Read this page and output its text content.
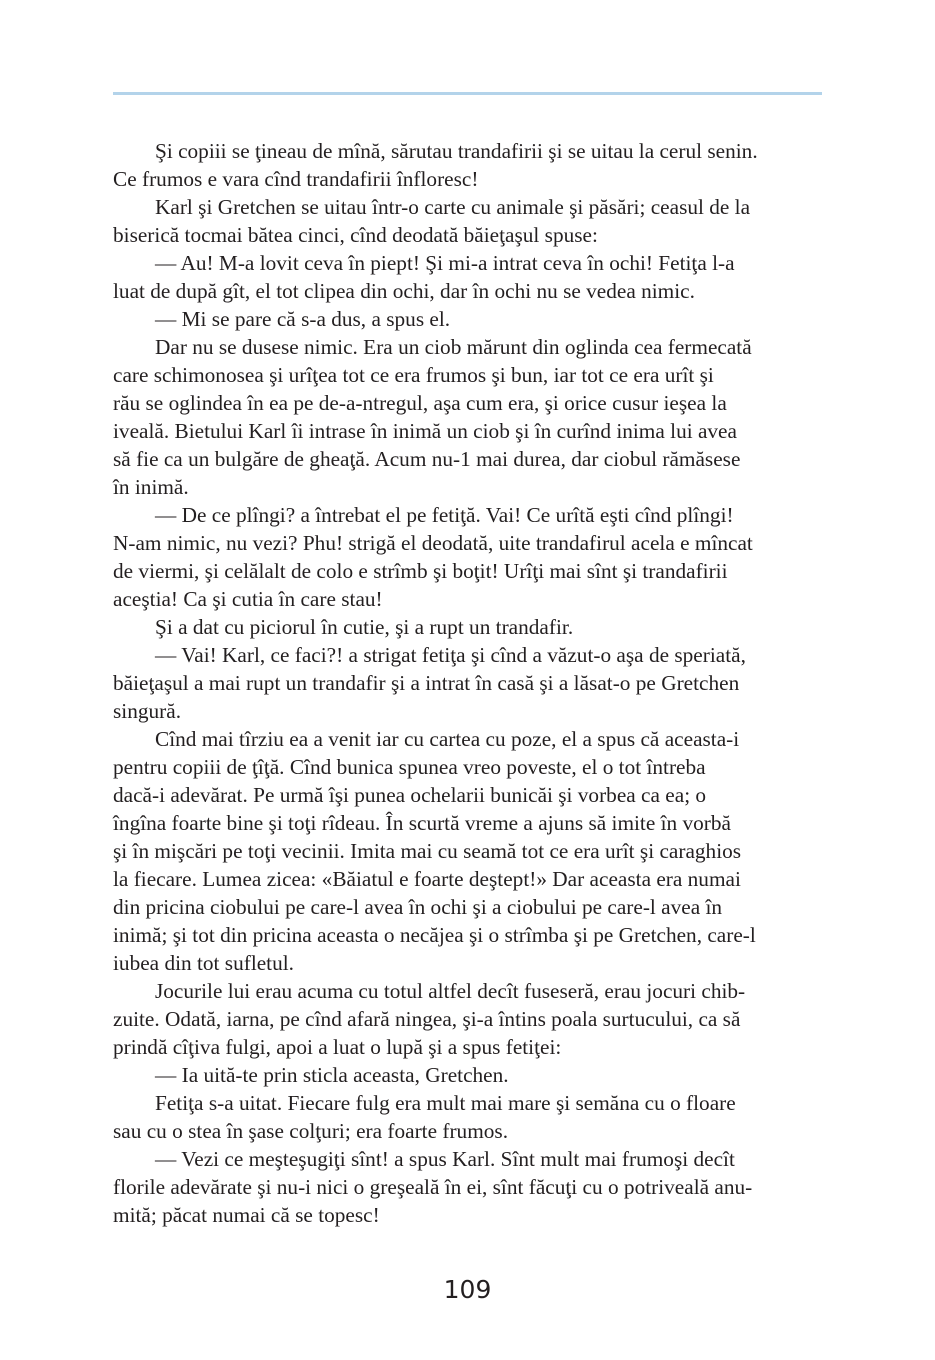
Şi copiii se ţineau de mînă, sărutau trandafirii şi se uitau la cerul senin.
Ce frumos e vara cînd trandafirii înfloresc!

Karl şi Gretchen se uitau într-o carte cu animale şi păsări; ceasul de la
biserică tocmai bătea cinci, cînd deodată băieţaşul spuse:

— Au! M-a lovit ceva în piept! Şi mi-a intrat ceva în ochi! Fetiţa l-a
luat de după gît, el tot clipea din ochi, dar în ochi nu se vedea nimic.

— Mi se pare că s-a dus, a spus el.

Dar nu se dusese nimic. Era un ciob mărunt din oglinda cea fermecată
care schimonosea şi urîţea tot ce era frumos şi bun, iar tot ce era urît şi
rău se oglindea în ea pe de-a-ntregul, aşa cum era, şi orice cusur ieşea la
iveală. Bietului Karl îi intrase în inimă un ciob şi în curînd inima lui avea
să fie ca un bulgăre de gheaţă. Acum nu-1 mai durea, dar ciobul rămăsese
în inimă.

— De ce plîngi? a întrebat el pe fetiţă. Vai! Ce urîtă eşti cînd plîngi!
N-am nimic, nu vezi? Phu! strigă el deodată, uite trandafirul acela e mîncat
de viermi, şi celălalt de colo e strîmb şi boţit! Urîţi mai sînt şi trandafirii
aceştia! Ca şi cutia în care stau!

Şi a dat cu piciorul în cutie, şi a rupt un trandafir.

— Vai! Karl, ce faci?! a strigat fetiţa şi cînd a văzut-o aşa de speriată,
băieţaşul a mai rupt un trandafir şi a intrat în casă şi a lăsat-o pe Gretchen
singură.

Cînd mai tîrziu ea a venit iar cu cartea cu poze, el a spus că aceasta-i
pentru copiii de ţîţă. Cînd bunica spunea vreo poveste, el o tot întreba
dacă-i adevărat. Pe urmă îşi punea ochelarii bunicăi şi vorbea ca ea; o
îngîna foarte bine şi toţi rîdeau. În scurtă vreme a ajuns să imite în vorbă
şi în mişcări pe toţi vecinii. Imita mai cu seamă tot ce era urît şi caraghios
la fiecare. Lumea zicea: «Băiatul e foarte deştept!» Dar aceasta era numai
din pricina ciobului pe care-l avea în ochi şi a ciobului pe care-l avea în
inimă; şi tot din pricina aceasta o necăjea şi o strîmba şi pe Gretchen, care-l
iubea din tot sufletul.

Jocurile lui erau acuma cu totul altfel decît fuseseră, erau jocuri chib-
zuite. Odată, iarna, pe cînd afară ningea, şi-a întins poala surtucului, ca să
prindă cîţiva fulgi, apoi a luat o lupă şi a spus fetiţei:

— Ia uită-te prin sticla aceasta, Gretchen.

Fetiţa s-a uitat. Fiecare fulg era mult mai mare şi semăna cu o floare
sau cu o stea în şase colţuri; era foarte frumos.

— Vezi ce meşteşugiţi sînt! a spus Karl. Sînt mult mai frumoşi decît
florile adevărate şi nu-i nici o greşeală în ei, sînt făcuţi cu o potriveală anu-
mită; păcat numai că se topesc!

109
